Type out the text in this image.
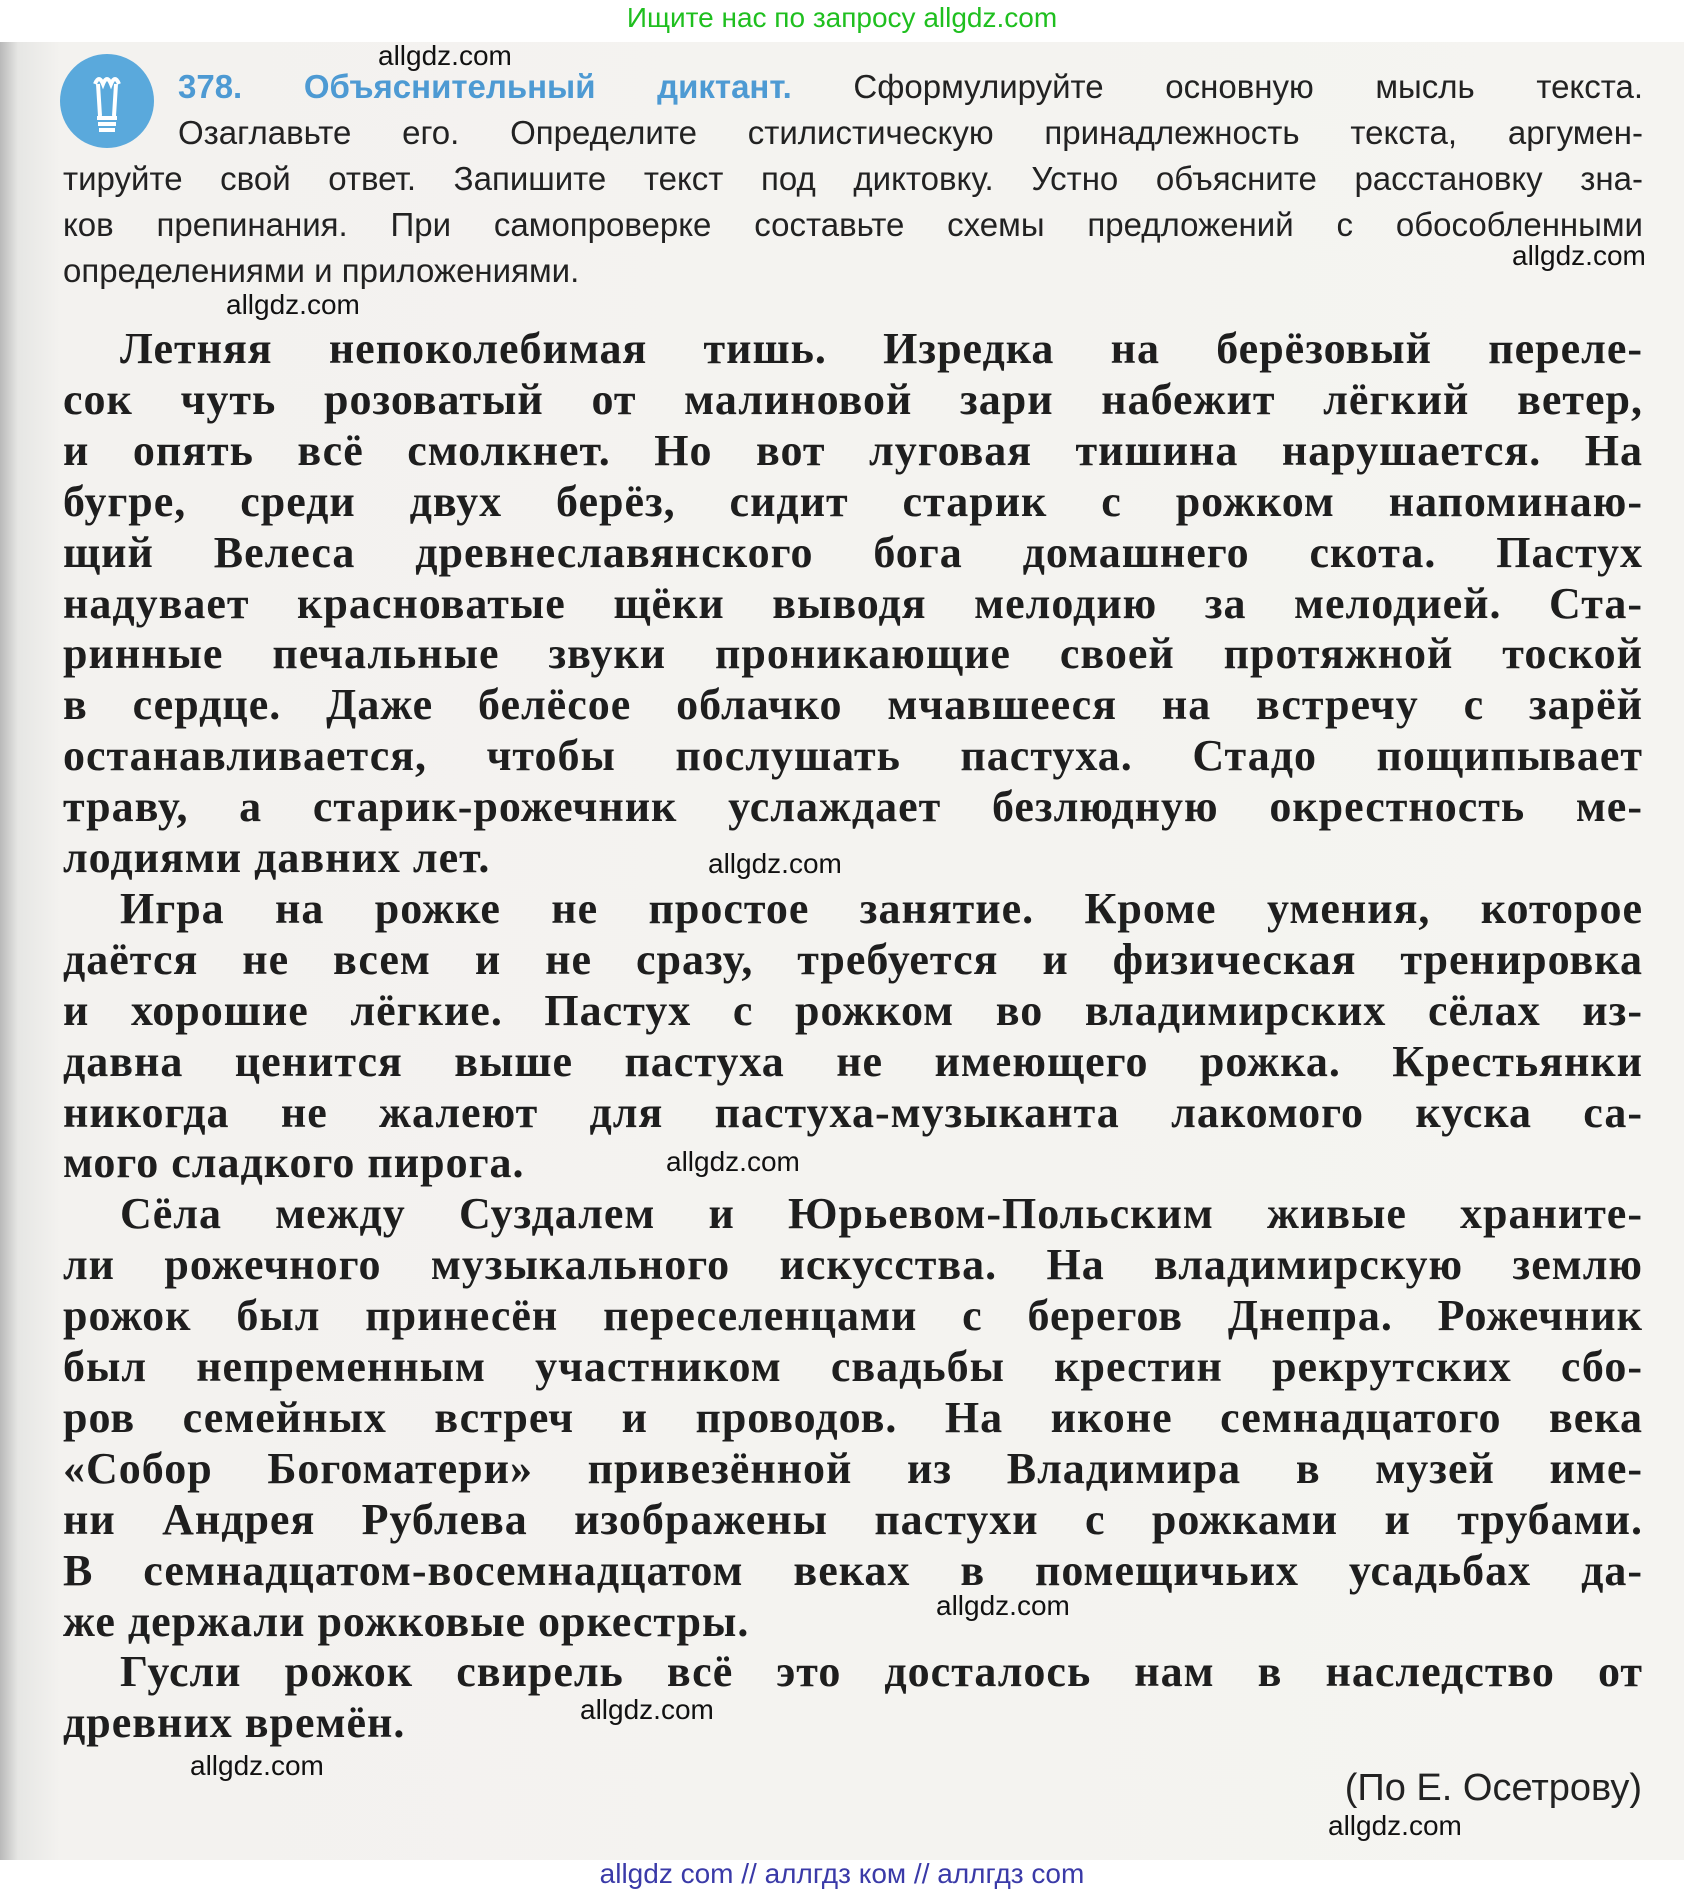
Ищите нас по запросу allgdz.com
378. Объяснительный диктант. Сформулируйте основную мысль текста.
Озаглавьте его. Определите стилистическую принадлежность текста, аргумен-
тируйте свой ответ. Запишите текст под диктовку. Устно объясните расстановку зна-
ков препинания. При самопроверке составьте схемы предложений с обособленными
определениями и приложениями.
Летняя непоколебимая тишь. Изредка на берёзовый переле-
сок чуть розоватый от малиновой зари набежит лёгкий ветер,
и опять всё смолкнет. Но вот луговая тишина нарушается. На
бугре, среди двух берёз, сидит старик с рожком напоминаю-
щий Велеса древнеславянского бога домашнего скота. Пастух
надувает красноватые щёки выводя мелодию за мелодией. Ста-
ринные печальные звуки проникающие своей протяжной тоской
в сердце. Даже белёсое облачко мчавшееся на встречу с зарёй
останавливается, чтобы послушать пастуха. Стадо пощипывает
траву, а старик-рожечник услаждает безлюдную окрестность ме-
лодиями давних лет.
Игра на рожке не простое занятие. Кроме умения, которое
даётся не всем и не сразу, требуется и физическая тренировка
и хорошие лёгкие. Пастух с рожком во владимирских сёлах из-
давна ценится выше пастуха не имеющего рожка. Крестьянки
никогда не жалеют для пастуха-музыканта лакомого куска са-
мого сладкого пирога.
Сёла между Суздалем и Юрьевом-Польским живые храните-
ли рожечного музыкального искусства. На владимирскую землю
рожок был принесён переселенцами с берегов Днепра. Рожечник
был непременным участником свадьбы крестин рекрутских сбо-
ров семейных встреч и проводов. На иконе семнадцатого века
«Собор Богоматери» привезённой из Владимира в музей име-
ни Андрея Рублева изображены пастухи с рожками и трубами.
В семнадцатом-восемнадцатом веках в помещичьих усадьбах да-
же держали рожковые оркестры.
Гусли рожок свирель всё это досталось нам в наследство от
древних времён.
(По Е. Осетрову)
allgdz.com
allgdz.com
allgdz.com
allgdz.com
allgdz.com
allgdz.com
allgdz.com
allgdz.com
allgdz.com
allgdz com // аллгдз ком // аллгдз com
